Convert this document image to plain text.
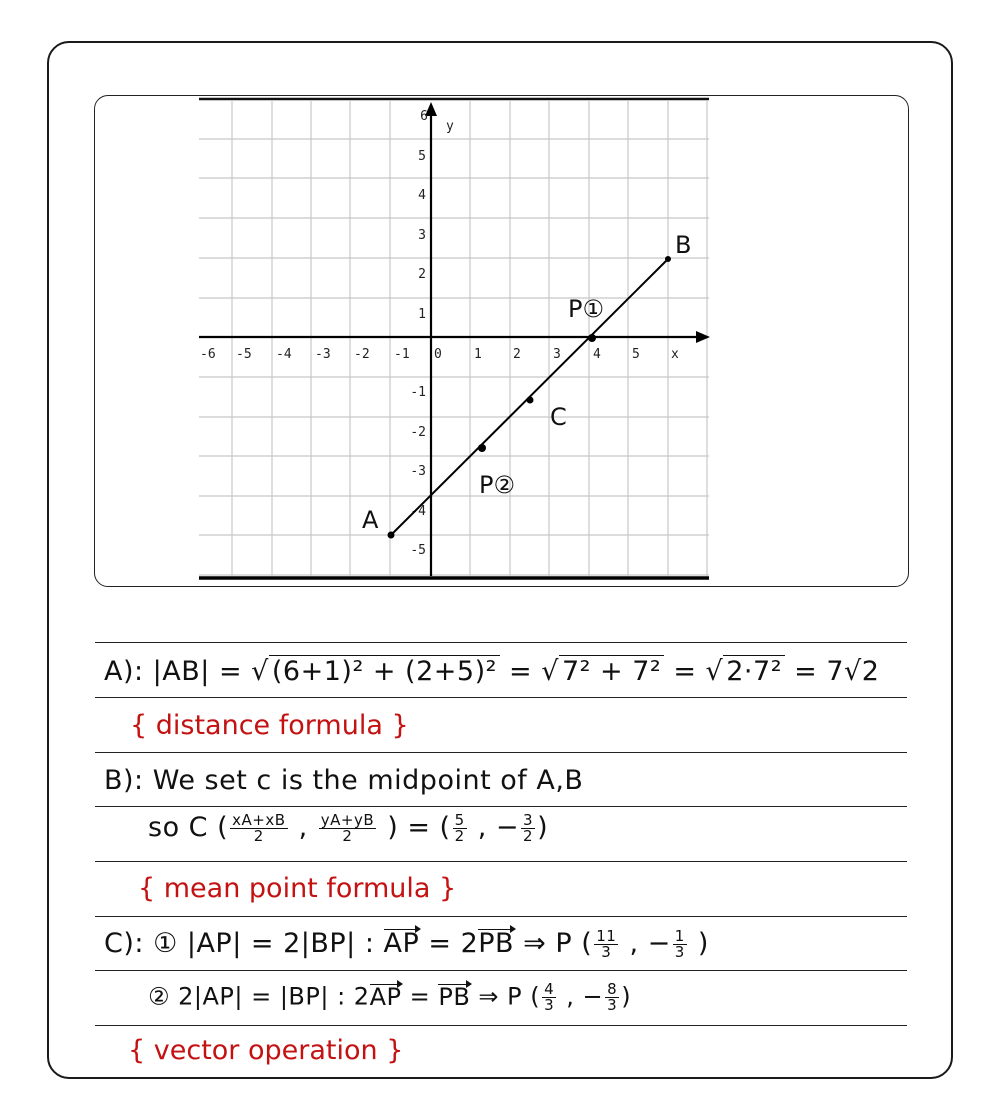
-6 -5 -4 -3 -2 -1 0 1 2 3 4 5 x
6
5
4
3
2
1
-1
-2
-3
-4
-5
y
A
B
C
P①
P②
A): |AB| = √ (6+1)² + (2+5)² = √ 7² + 7² = √ 2·7² = 7√2
{ distance formula }
B): We set c is the midpoint of A,B
so C ( $\frac{xA+xB}{2}$ , $\frac{yA+yB}{2}$ ) = ( $\frac{5}{2}$ , − $\frac{3}{2}$ )
{ mean point formula }
C): ① |AP| = 2|BP| : AP = 2PB ⇒ P ( $\frac{11}{3}$ , − $\frac{1}{3}$ )
② 2|AP| = |BP| : 2AP = PB ⇒ P ( $\frac{4}{3}$ , − $\frac{8}{3}$ )
{ vector operation }
